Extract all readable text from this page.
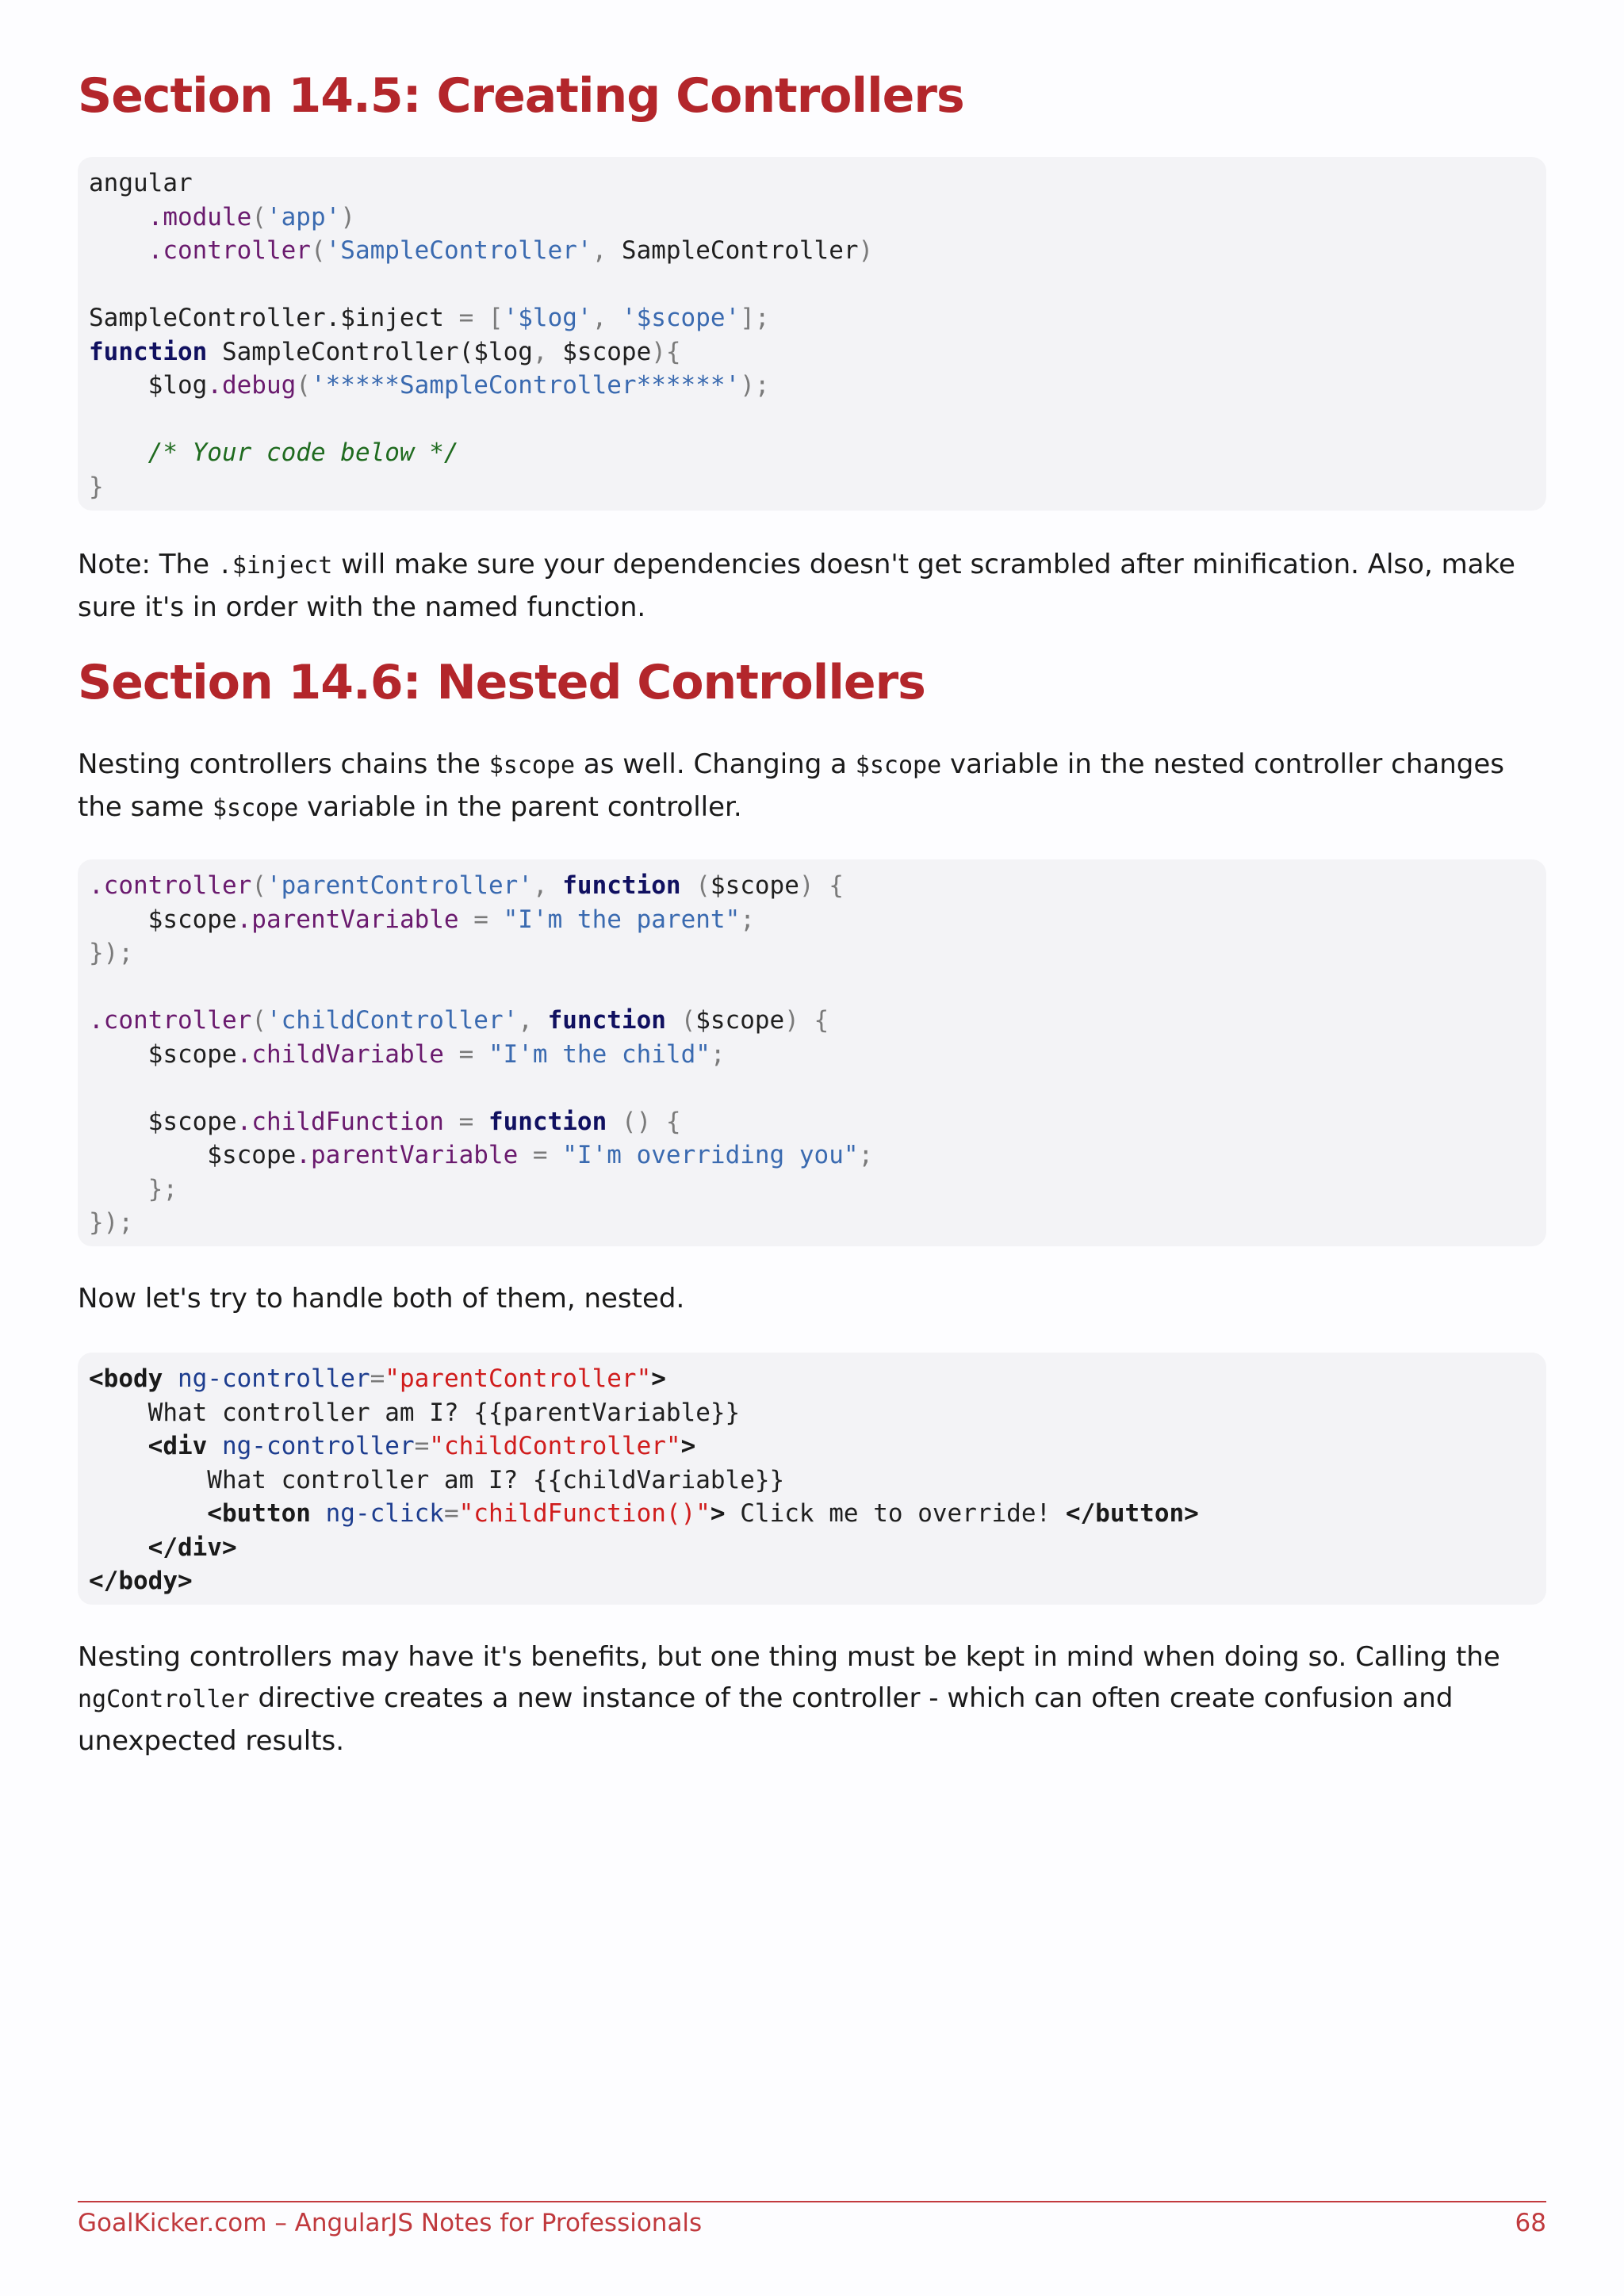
Section 14.5: Creating Controllers
angular
.module('app')
.controller('SampleController', SampleController)
SampleController.$inject = ['$log', '$scope'];
function SampleController($log, $scope){
$log.debug('*****SampleController******');
/* Your code below */
}

Note: The .$inject will make sure your dependencies doesn't get scrambled after minification. Also, make sure it's in order with the named function.

Section 14.6: Nested Controllers

Nesting controllers chains the $scope as well. Changing a $scope variable in the nested controller changes the same $scope variable in the parent controller.

.controller('parentController', function ($scope) {
$scope.parentVariable = "I'm the parent";
});
.controller('childController', function ($scope) {
$scope.childVariable = "I'm the child";
$scope.childFunction = function () {
$scope.parentVariable = "I'm overriding you";
};
});

Now let's try to handle both of them, nested.

<body ng-controller="parentController">
What controller am I? {{parentVariable}}
<div ng-controller="childController">
What controller am I? {{childVariable}}
<button ng-click="childFunction()"> Click me to override! </button>
</div>
</body>

Nesting controllers may have it's benefits, but one thing must be kept in mind when doing so. Calling the ngController directive creates a new instance of the controller - which can often create confusion and unexpected results.

GoalKicker.com – AngularJS Notes for Professionals	68
